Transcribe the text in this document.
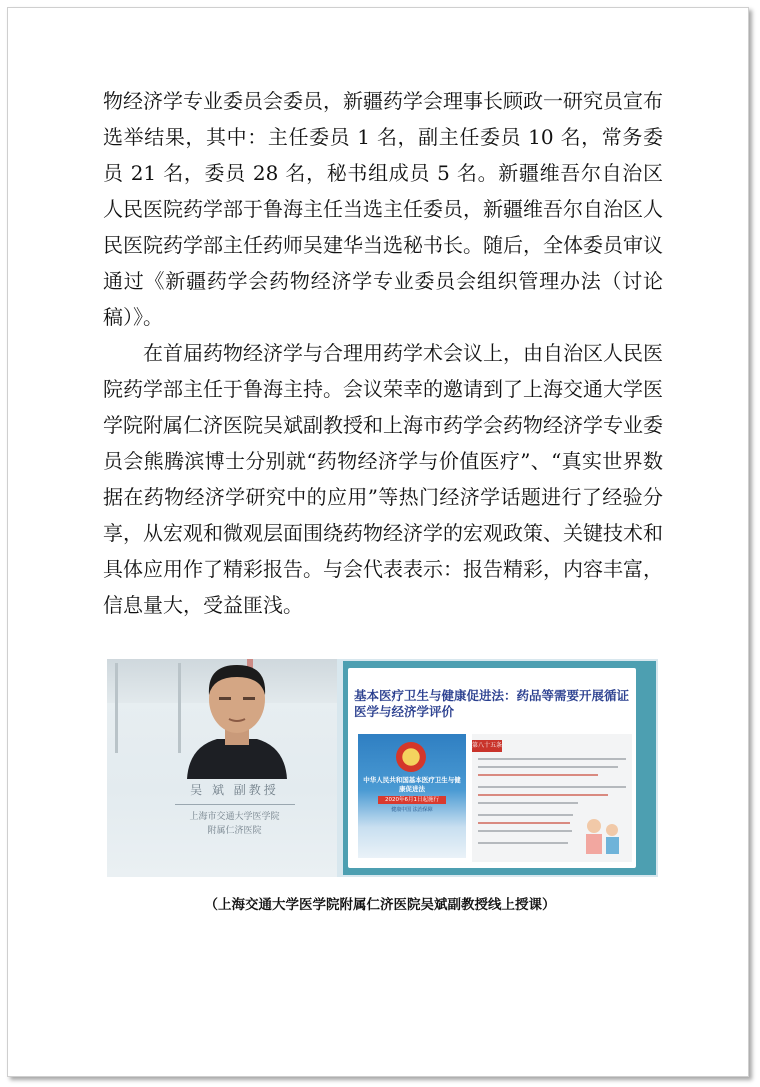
物经济学专业委员会委员，新疆药学会理事长顾政一研究员宣布选举结果，其中：主任委员 1 名，副主任委员 10 名，常务委员 21 名，委员 28 名，秘书组成员 5 名。新疆维吾尔自治区人民医院药学部于鲁海主任当选主任委员，新疆维吾尔自治区人民医院药学部主任药师吴建华当选秘书长。随后，全体委员审议通过《新疆药学会药物经济学专业委员会组织管理办法（讨论稿）》。

在首届药物经济学与合理用药学术会议上，由自治区人民医院药学部主任于鲁海主持。会议荣幸的邀请到了上海交通大学医学院附属仁济医院吴斌副教授和上海市药学会药物经济学专业委员会熊腾滨博士分别就“药物经济学与价值医疗”、“真实世界数据在药物经济学研究中的应用”等热门经济学话题进行了经验分享，从宏观和微观层面围绕药物经济学的宏观政策、关键技术和具体应用作了精彩报告。与会代表表示：报告精彩，内容丰富，信息量大，受益匪浅。

吴 斌 副教授
上海市交通大学医学院
附属仁济医院
基本医疗卫生与健康促进法：药品等需要开展循证医学与经济学评价
中华人民共和国基本医疗卫生与健康促进法
2020年6月1日起施行
健康中国 法治保障
第八十五条
（上海交通大学医学院附属仁济医院吴斌副教授线上授课）
